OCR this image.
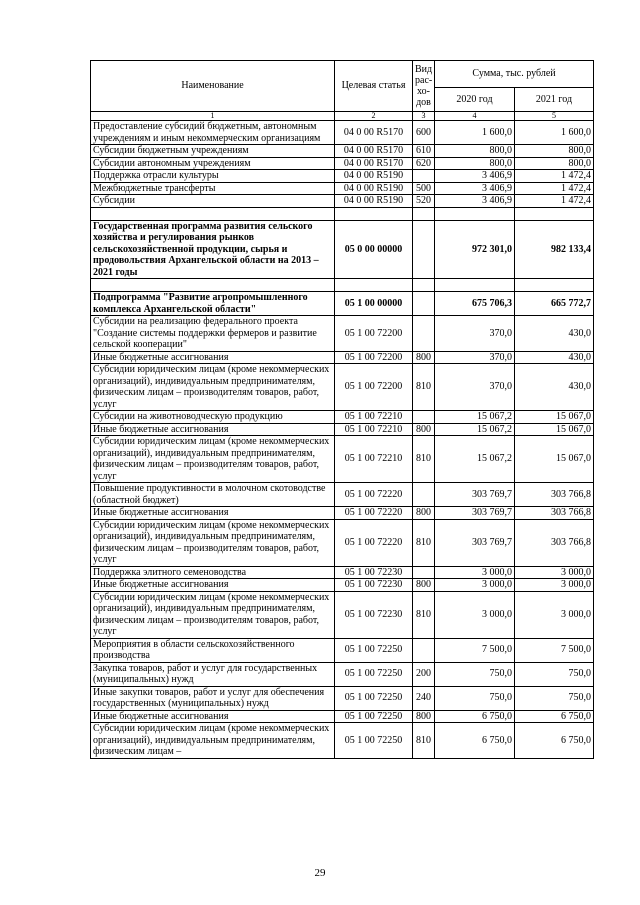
Наименование	Целевая статья	Вид рас-хо-дов	Сумма, тыс. рублей	
			2020 год	2021 год
1	2	3	4	5
Предоставление субсидий бюджетным, автономным учреждениям и иным некоммерческим организациям	04 0 00 R5170	600	1 600,0	1 600,0
Субсидии бюджетным учреждениям	04 0 00 R5170	610	800,0	800,0
Субсидии автономным учреждениям	04 0 00 R5170	620	800,0	800,0
Поддержка отрасли культуры	04 0 00 R5190		3 406,9	1 472,4
Межбюджетные трансферты	04 0 00 R5190	500	3 406,9	1 472,4
Субсидии	04 0 00 R5190	520	3 406,9	1 472,4

Государственная программа развития сельского хозяйства и регулирования рынков сельскохозяйственной продукции, сырья и продовольствия Архангельской области на 2013 – 2021 годы	05 0 00 00000		972 301,0	982 133,4

Подпрограмма "Развитие агропромышленного комплекса Архангельской области"	05 1 00 00000		675 706,3	665 772,7
Субсидии на реализацию федерального проекта "Создание системы поддержки фермеров и развитие сельской кооперации"	05 1 00 72200		370,0	430,0
Иные бюджетные ассигнования	05 1 00 72200	800	370,0	430,0
Субсидии юридическим лицам (кроме некоммерческих организаций), индивидуальным предпринимателям, физическим лицам – производителям товаров, работ, услуг	05 1 00 72200	810	370,0	430,0
Субсидии на животноводческую продукцию	05 1 00 72210		15 067,2	15 067,0
Иные бюджетные ассигнования	05 1 00 72210	800	15 067,2	15 067,0
Субсидии юридическим лицам (кроме некоммерческих организаций), индивидуальным предпринимателям, физическим лицам – производителям товаров, работ, услуг	05 1 00 72210	810	15 067,2	15 067,0
Повышение продуктивности в молочном скотоводстве (областной бюджет)	05 1 00 72220		303 769,7	303 766,8
Иные бюджетные ассигнования	05 1 00 72220	800	303 769,7	303 766,8
Субсидии юридическим лицам (кроме некоммерческих организаций), индивидуальным предпринимателям, физическим лицам – производителям товаров, работ, услуг	05 1 00 72220	810	303 769,7	303 766,8
Поддержка элитного семеноводства	05 1 00 72230		3 000,0	3 000,0
Иные бюджетные ассигнования	05 1 00 72230	800	3 000,0	3 000,0
Субсидии юридическим лицам (кроме некоммерческих организаций), индивидуальным предпринимателям, физическим лицам – производителям товаров, работ, услуг	05 1 00 72230	810	3 000,0	3 000,0
Мероприятия в области сельскохозяйственного производства	05 1 00 72250		7 500,0	7 500,0
Закупка товаров, работ и услуг для государственных (муниципальных) нужд	05 1 00 72250	200	750,0	750,0
Иные закупки товаров, работ и услуг для обеспечения государственных (муниципальных) нужд	05 1 00 72250	240	750,0	750,0
Иные бюджетные ассигнования	05 1 00 72250	800	6 750,0	6 750,0
Субсидии юридическим лицам (кроме некоммерческих организаций), индивидуальным предпринимателям, физическим лицам –	05 1 00 72250	810	6 750,0	6 750,0
29
